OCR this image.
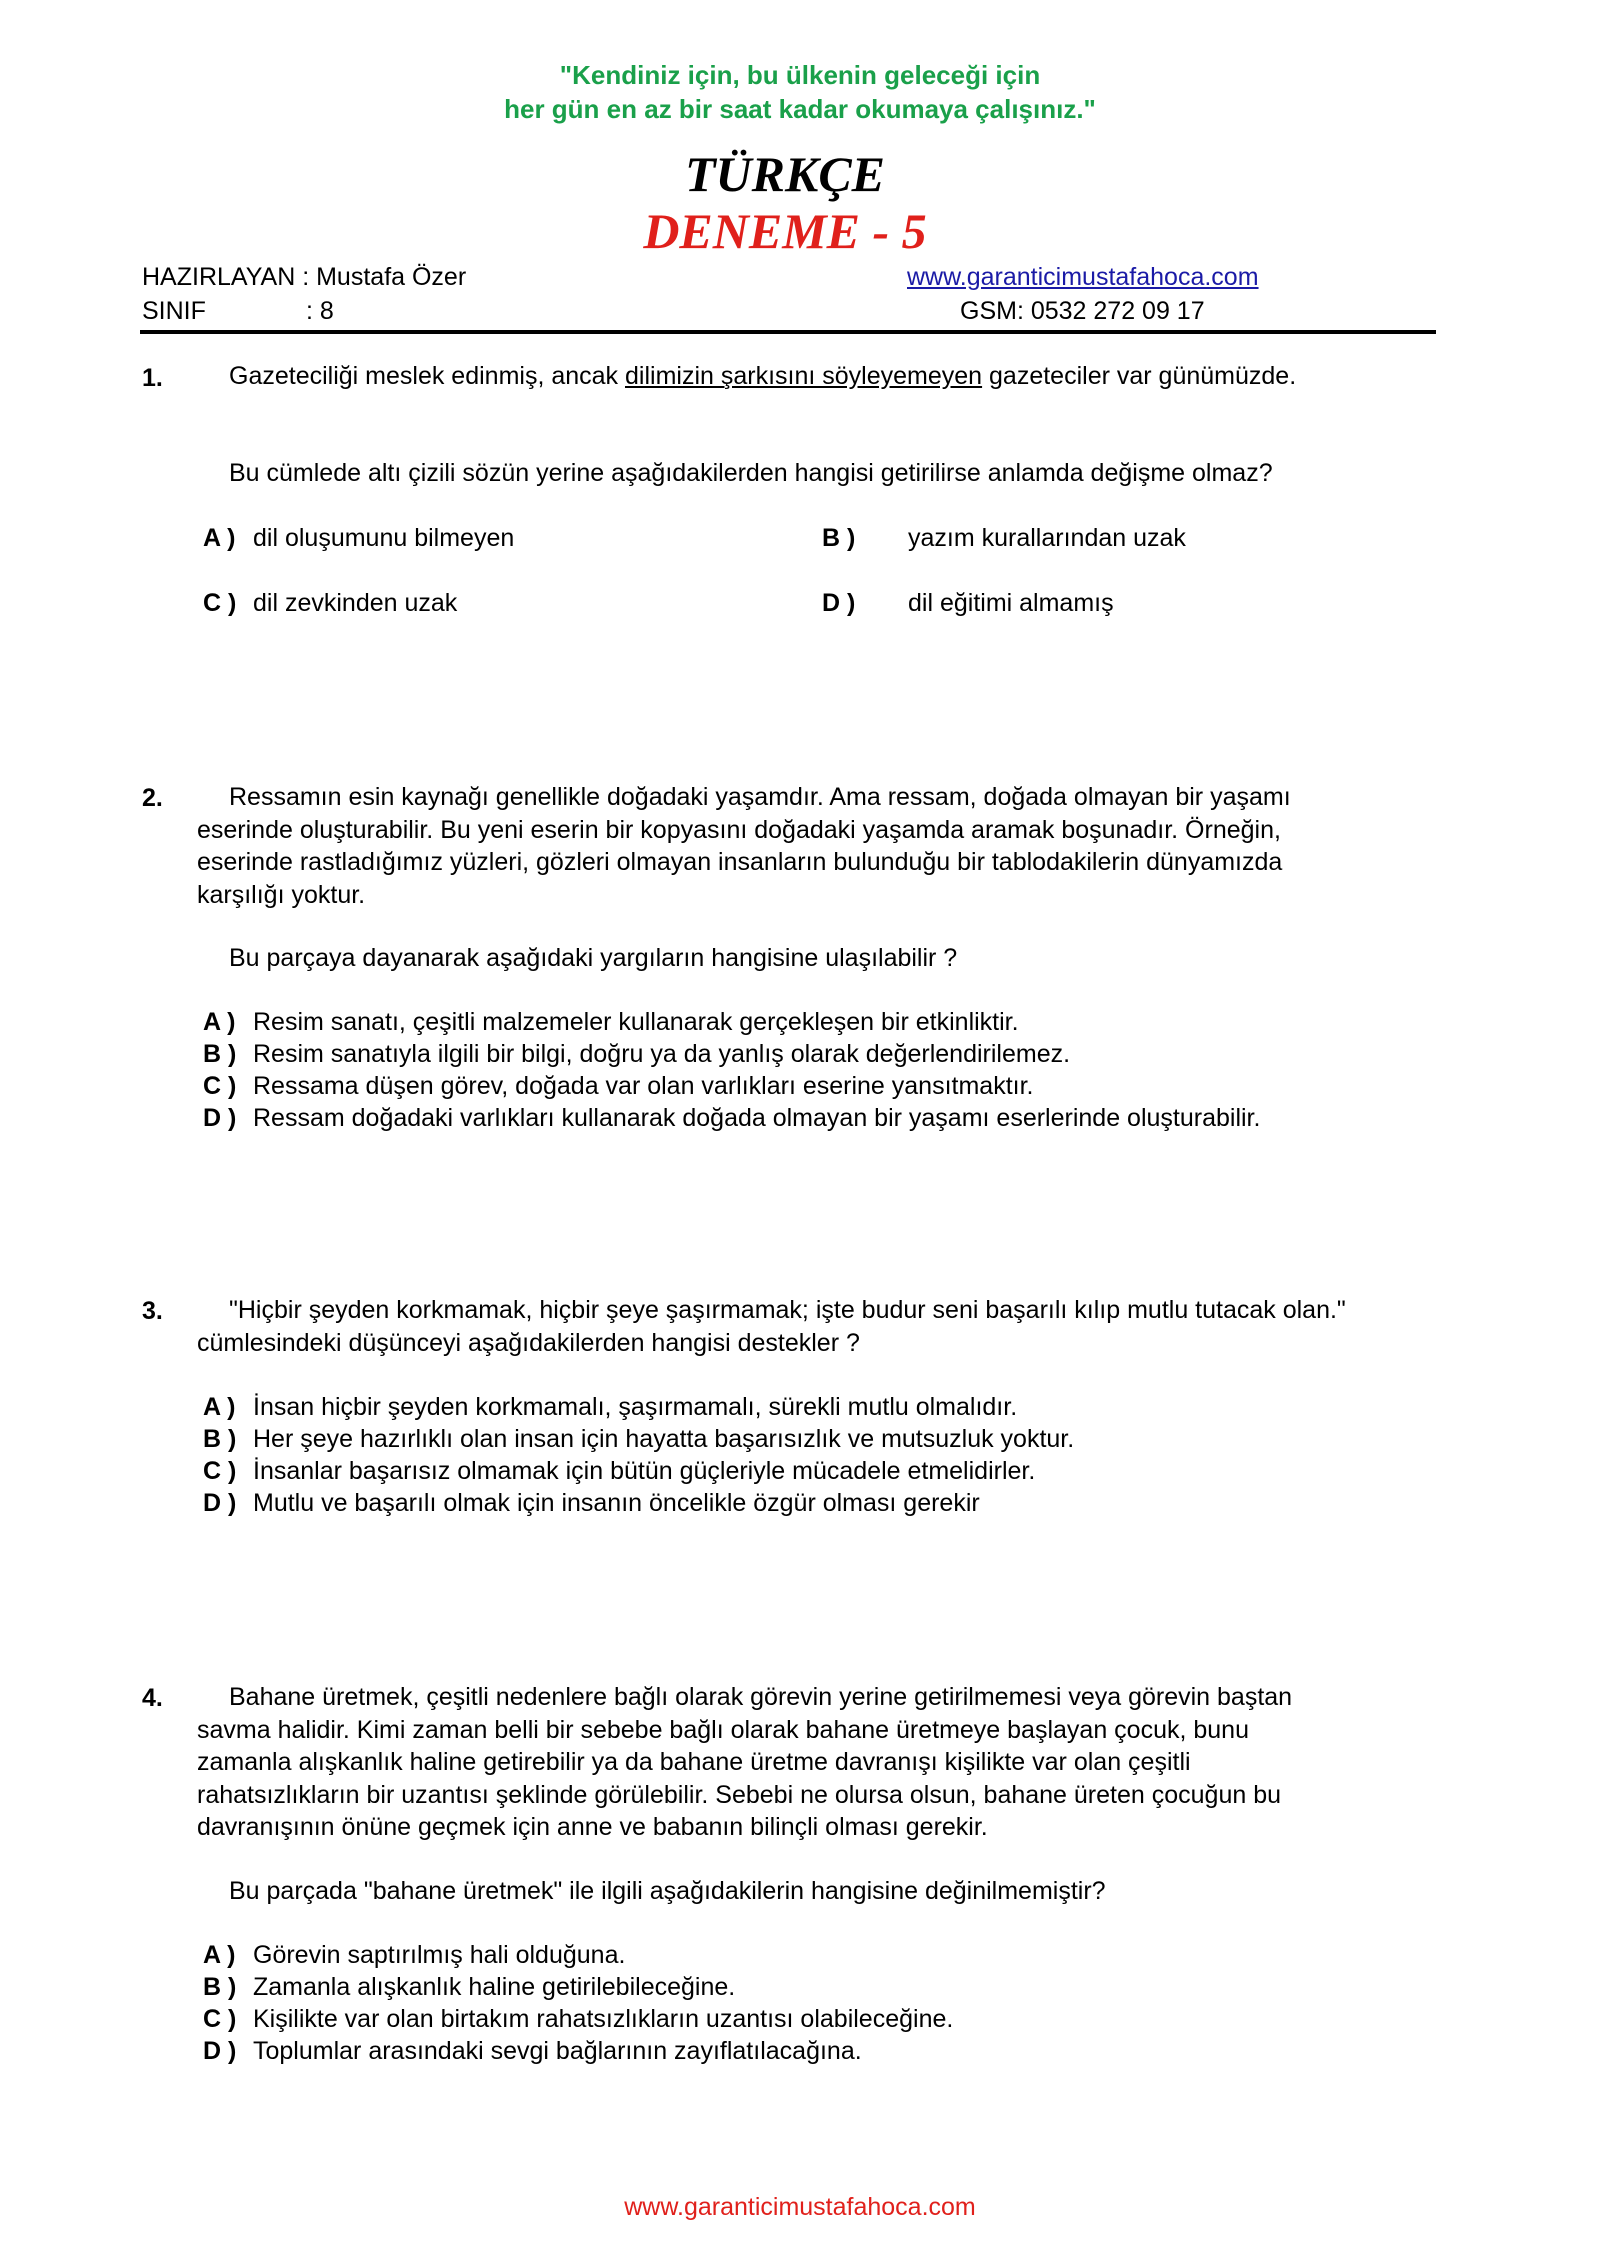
"Kendiniz için, bu ülkenin geleceği için
her gün en az bir saat kadar okumaya çalışınız."
TÜRKÇE
DENEME - 5
HAZIRLAYAN : Mustafa Özer	www.garanticimustafahoca.com
SINIF	: 8	GSM: 0532 272 09 17
1.	Gazeteciliği meslek edinmiş, ancak dilimizin şarkısını söyleyemeyen gazeteciler var günümüzde.
Bu cümlede altı çizili sözün yerine aşağıdakilerden hangisi getirilirse anlamda değişme olmaz?
A ) dil oluşumunu bilmeyen	B ) yazım kurallarından uzak
C ) dil zevkinden uzak	D ) dil eğitimi almamış
2.	Ressamın esin kaynağı genellikle doğadaki yaşamdır. Ama ressam, doğada olmayan bir yaşamı eserinde oluşturabilir. Bu yeni eserin bir kopyasını doğadaki yaşamda aramak boşunadır. Örneğin, eserinde rastladığımız yüzleri, gözleri olmayan insanların bulunduğu bir tablodakilerin dünyamızda karşılığı yoktur.
Bu parçaya dayanarak aşağıdaki yargıların hangisine ulaşılabilir ?
A ) Resim sanatı, çeşitli malzemeler kullanarak gerçekleşen bir etkinliktir.
B ) Resim sanatıyla ilgili bir bilgi, doğru ya da yanlış olarak değerlendirilemez.
C ) Ressama düşen görev, doğada var olan varlıkları eserine yansıtmaktır.
D ) Ressam doğadaki varlıkları kullanarak doğada olmayan bir yaşamı eserlerinde oluşturabilir.
3.	"Hiçbir şeyden korkmamak, hiçbir şeye şaşırmamak; işte budur seni başarılı kılıp mutlu tutacak olan." cümlesindeki düşünceyi aşağıdakilerden hangisi destekler ?
A ) İnsan hiçbir şeyden korkmamalı, şaşırmamalı, sürekli mutlu olmalıdır.
B ) Her şeye hazırlıklı olan insan için hayatta başarısızlık ve mutsuzluk yoktur.
C ) İnsanlar başarısız olmamak için bütün güçleriyle mücadele etmelidirler.
D ) Mutlu ve başarılı olmak için insanın öncelikle özgür olması gerekir
4.	Bahane üretmek, çeşitli nedenlere bağlı olarak görevin yerine getirilmemesi veya görevin baştan savma halidir. Kimi zaman belli bir sebebe bağlı olarak bahane üretmeye başlayan çocuk, bunu zamanla alışkanlık haline getirebilir ya da bahane üretme davranışı kişilikte var olan çeşitli rahatsızlıkların bir uzantısı şeklinde görülebilir. Sebebi ne olursa olsun, bahane üreten çocuğun bu davranışının önüne geçmek için anne ve babanın bilinçli olması gerekir.
Bu parçada "bahane üretmek" ile ilgili aşağıdakilerin hangisine değinilmemiştir?
A ) Görevin saptırılmış hali olduğuna.
B ) Zamanla alışkanlık haline getirilebileceğine.
C ) Kişilikte var olan birtakım rahatsızlıkların uzantısı olabileceğine.
D ) Toplumlar arasındaki sevgi bağlarının zayıflatılacağına.
www.garanticimustafahoca.com
